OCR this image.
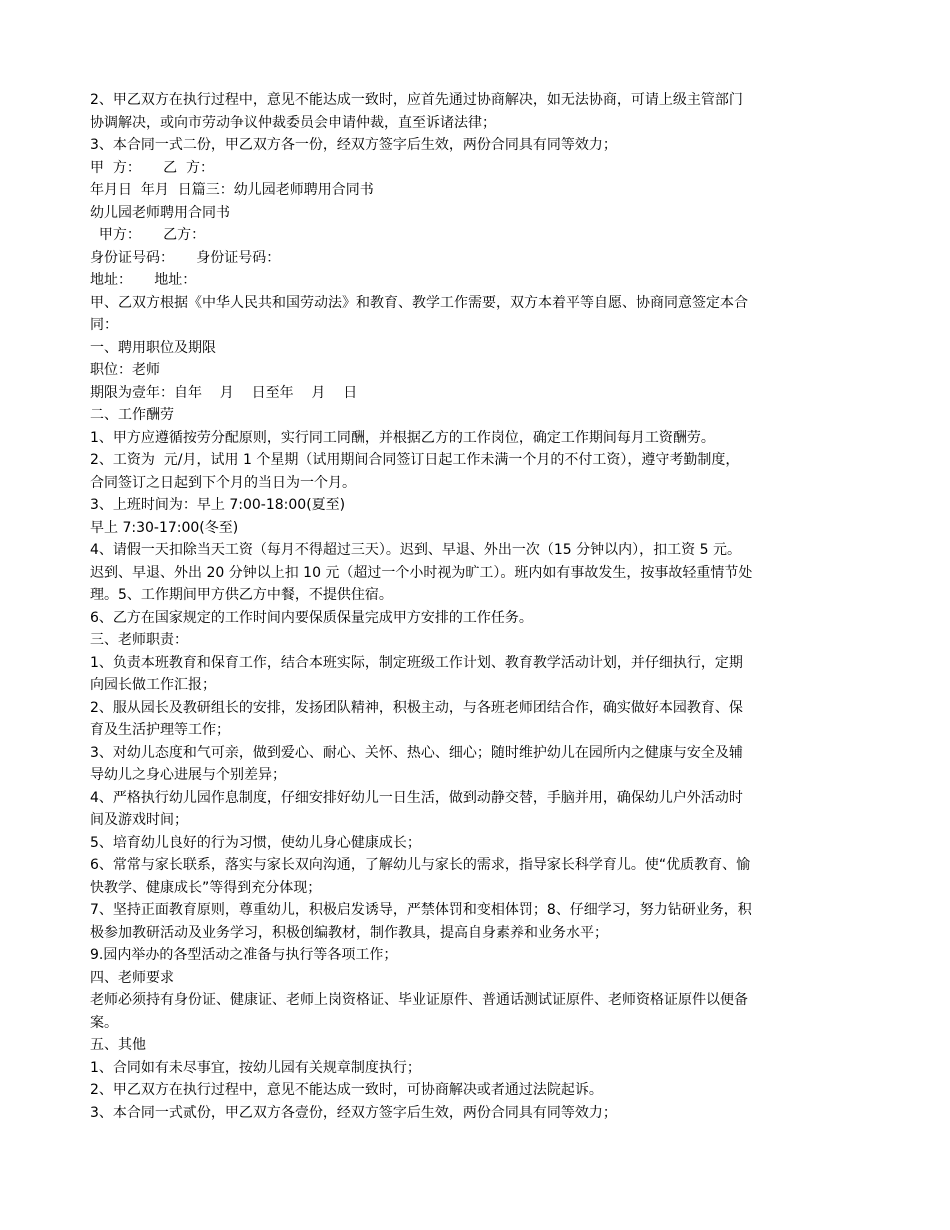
2、甲乙双方在执行过程中，意见不能达成一致时，应首先通过协商解决，如无法协商，可请上级主管部门
协调解决，或向市劳动争议仲裁委员会申请仲裁，直至诉诸法律；
3、本合同一式二份，甲乙双方各一份，经双方签字后生效，两份合同具有同等效力；
甲  方：     乙  方：
年月日  年月  日篇三：幼儿园老师聘用合同书
幼儿园老师聘用合同书
甲方：     乙方：
身份证号码：     身份证号码：
地址：     地址：
甲、乙双方根据《中华人民共和国劳动法》和教育、教学工作需要，双方本着平等自愿、协商同意签定本合
同：
一、聘用职位及期限
职位：老师
期限为壹年：自年    月    日至年    月    日
二、工作酬劳
1、甲方应遵循按劳分配原则，实行同工同酬，并根据乙方的工作岗位，确定工作期间每月工资酬劳。
2、工资为  元/月，试用 1 个星期（试用期间合同签订日起工作未满一个月的不付工资），遵守考勤制度，
合同签订之日起到下个月的当日为一个月。
3、上班时间为：早上 7:00-18:00(夏至)
早上 7:30-17:00(冬至)
4、请假一天扣除当天工资（每月不得超过三天）。迟到、早退、外出一次（15 分钟以内），扣工资 5 元。
迟到、早退、外出 20 分钟以上扣 10 元（超过一个小时视为旷工）。班内如有事故发生，按事故轻重情节处
理。5、工作期间甲方供乙方中餐，不提供住宿。
6、乙方在国家规定的工作时间内要保质保量完成甲方安排的工作任务。
三、老师职责：
1、负责本班教育和保育工作，结合本班实际，制定班级工作计划、教育教学活动计划，并仔细执行，定期
向园长做工作汇报；
2、服从园长及教研组长的安排，发扬团队精神，积极主动，与各班老师团结合作，确实做好本园教育、保
育及生活护理等工作；
3、对幼儿态度和气可亲，做到爱心、耐心、关怀、热心、细心；随时维护幼儿在园所内之健康与安全及辅
导幼儿之身心进展与个别差异；
4、严格执行幼儿园作息制度，仔细安排好幼儿一日生活，做到动静交替，手脑并用，确保幼儿户外活动时
间及游戏时间；
5、培育幼儿良好的行为习惯，使幼儿身心健康成长；
6、常常与家长联系，落实与家长双向沟通，了解幼儿与家长的需求，指导家长科学育儿。使“优质教育、愉
快教学、健康成长”等得到充分体现；
7、坚持正面教育原则，尊重幼儿，积极启发诱导，严禁体罚和变相体罚；8、仔细学习，努力钻研业务，积
极参加教研活动及业务学习，积极创编教材，制作教具，提高自身素养和业务水平；
9.园内举办的各型活动之准备与执行等各项工作；
四、老师要求
老师必须持有身份证、健康证、老师上岗资格证、毕业证原件、普通话测试证原件、老师资格证原件以便备
案。
五、其他
1、合同如有未尽事宜，按幼儿园有关规章制度执行；
2、甲乙双方在执行过程中，意见不能达成一致时，可协商解决或者通过法院起诉。
3、本合同一式贰份，甲乙双方各壹份，经双方签字后生效，两份合同具有同等效力；
